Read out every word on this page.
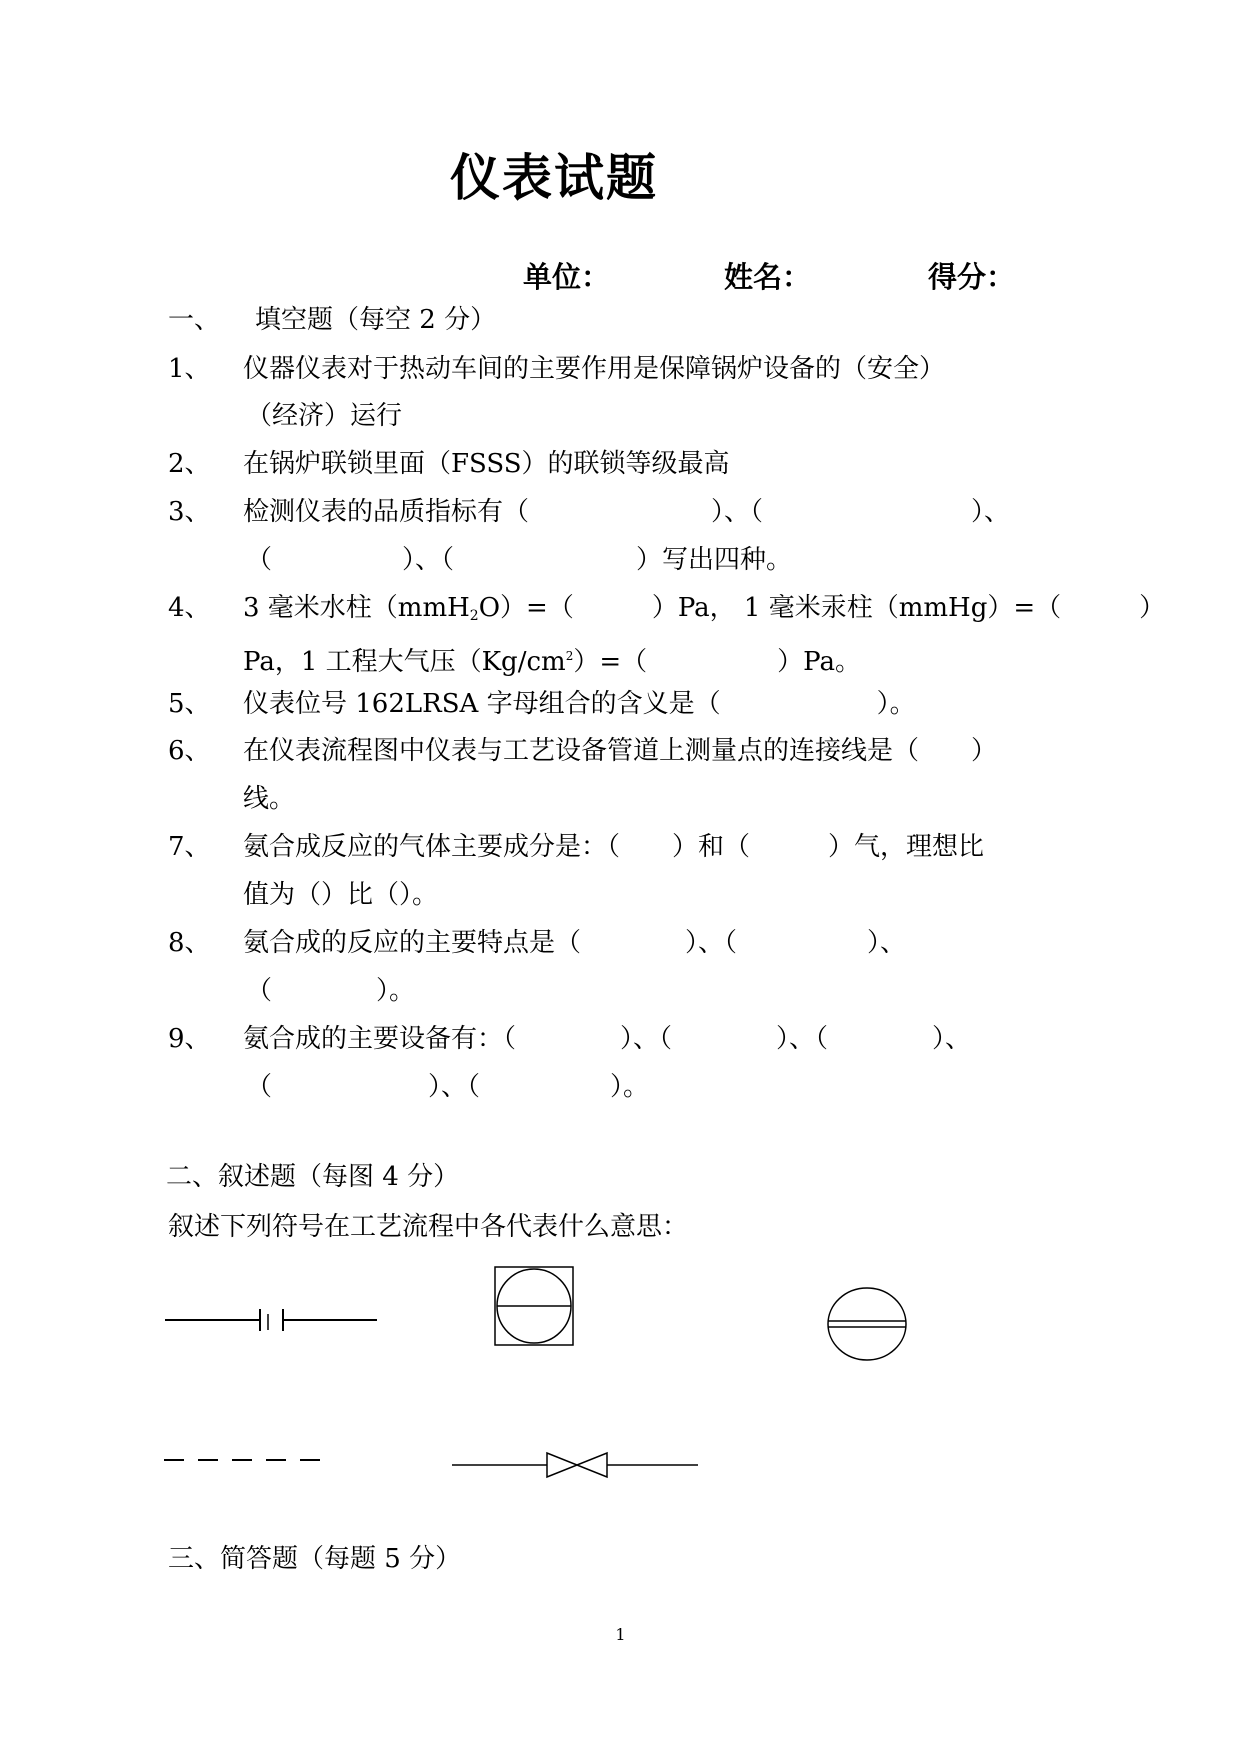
仪表试题
单位：	姓名：	得分：
一、 填空题（每空 2 分）
1、 仪器仪表对于热动车间的主要作用是保障锅炉设备的（安全）
（经济）运行
2、 在锅炉联锁里面（FSSS）的联锁等级最高
3、 检测仪表的品质指标有（　　　　　　　）、（　　　　　　　　）、
（　　　　　）、（　　　　　　　）写出四种。
4、 3 毫米水柱（mmH$_2$O）=（　　　）Pa， 1 毫米汞柱（mmHg）=（　　　）
Pa，1 工程大气压$(Kg/cm^2)=$（　　　　　）Pa。
5、 仪表位号 162LRSA 字母组合的含义是（　　　　　　）。
6、 在仪表流程图中仪表与工艺设备管道上测量点的连接线是（　　）
线。
7、 氨合成反应的气体主要成分是：（　　）和（　　　）气，理想比
值为（）比（）。
8、 氨合成的反应的主要特点是（　　　　）、（　　　　　）、
（　　　　）。
9、 氨合成的主要设备有：（　　　　）、（　　　　）、（　　　　）、
（　　　　　　）、（　　　　　）。
二、叙述题（每图 4 分）
叙述下列符号在工艺流程中各代表什么意思：
三、简答题（每题 5 分）
1
